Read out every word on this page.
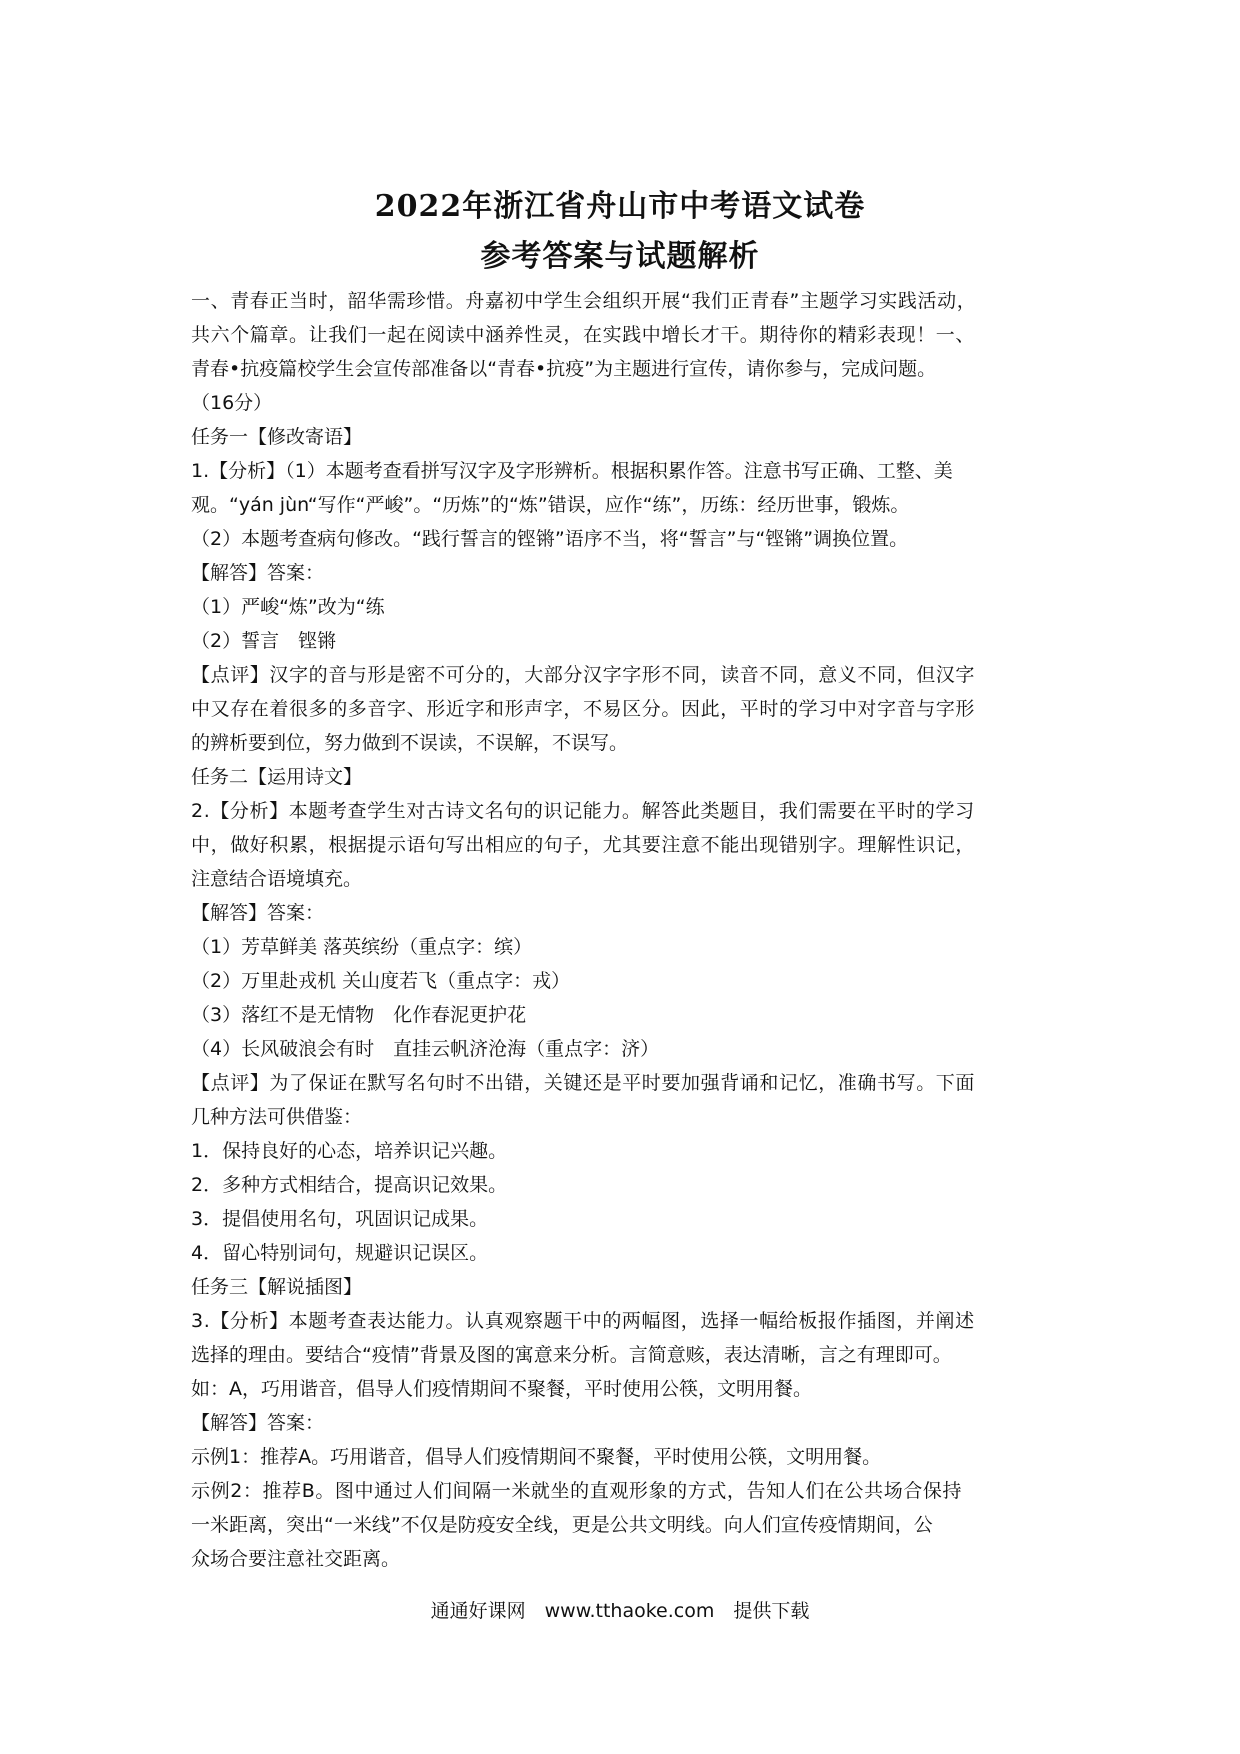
2022年浙江省舟山市中考语文试卷
参考答案与试题解析
一、青春正当时，韶华需珍惜。舟嘉初中学生会组织开展“我们正青春”主题学习实践活动，
共六个篇章。让我们一起在阅读中涵养性灵，在实践中增长才干。期待你的精彩表现！一、
青春•抗疫篇校学生会宣传部准备以“青春•抗疫”为主题进行宣传，请你参与，完成问题。
（16分）
任务一【修改寄语】
1.【分析】（1）本题考查看拼写汉字及字形辨析。根据积累作答。注意书写正确、工整、美
观。“yán jùn“写作“严峻”。“历炼”的“炼”错误，应作“练”，历练：经历世事，锻炼。
（2）本题考查病句修改。“践行誓言的铿锵”语序不当，将“誓言”与“铿锵”调换位置。
【解答】答案：
（1）严峻“炼”改为“练
（2）誓言　铿锵
【点评】汉字的音与形是密不可分的，大部分汉字字形不同，读音不同，意义不同，但汉字
中又存在着很多的多音字、形近字和形声字，不易区分。因此，平时的学习中对字音与字形
的辨析要到位，努力做到不误读，不误解，不误写。
任务二【运用诗文】
2.【分析】本题考查学生对古诗文名句的识记能力。解答此类题目，我们需要在平时的学习
中，做好积累，根据提示语句写出相应的句子，尤其要注意不能出现错别字。理解性识记，
注意结合语境填充。
【解答】答案：
（1）芳草鲜美 落英缤纷（重点字：缤）
（2）万里赴戎机 关山度若飞（重点字：戎）
（3）落红不是无情物　化作春泥更护花
（4）长风破浪会有时　直挂云帆济沧海（重点字：济）
【点评】为了保证在默写名句时不出错，关键还是平时要加强背诵和记忆，准确书写。下面
几种方法可供借鉴：
1．保持良好的心态，培养识记兴趣。
2．多种方式相结合，提高识记效果。
3．提倡使用名句，巩固识记成果。
4．留心特别词句，规避识记误区。
任务三【解说插图】
3.【分析】本题考查表达能力。认真观察题干中的两幅图，选择一幅给板报作插图，并阐述
选择的理由。要结合“疫情”背景及图的寓意来分析。言简意赅，表达清晰，言之有理即可。
如：A，巧用谐音，倡导人们疫情期间不聚餐，平时使用公筷，文明用餐。
【解答】答案：
示例1：推荐A。巧用谐音，倡导人们疫情期间不聚餐，平时使用公筷，文明用餐。
示例2：推荐B。图中通过人们间隔一米就坐的直观形象的方式，告知人们在公共场合保持
一米距离，突出“一米线”不仅是防疫安全线，更是公共文明线。向人们宣传疫情期间，公
众场合要注意社交距离。
通通好课网　www.tthaoke.com　提供下载
